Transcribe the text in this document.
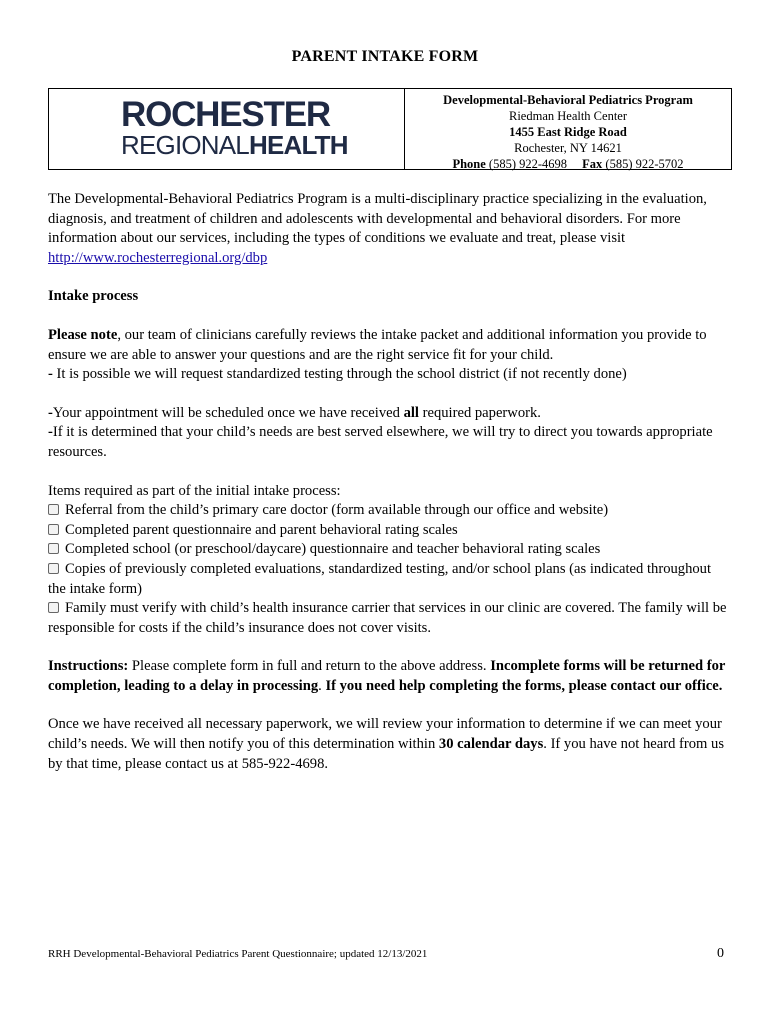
PARENT INTAKE FORM
ROCHESTER
REGIONALHEALTH
Developmental-Behavioral Pediatrics Program
Riedman Health Center
1455 East Ridge Road
Rochester, NY 14621
Phone (585) 922-4698 Fax (585) 922-5702

The Developmental-Behavioral Pediatrics Program is a multi-disciplinary practice specializing in the evaluation, diagnosis, and treatment of children and adolescents with developmental and behavioral disorders. For more information about our services, including the types of conditions we evaluate and treat, please visit http://www.rochesterregional.org/dbp

Intake process

Please note, our team of clinicians carefully reviews the intake packet and additional information you provide to ensure we are able to answer your questions and are the right service fit for your child.

- It is possible we will request standardized testing through the school district (if not recently done)

-Your appointment will be scheduled once we have received all required paperwork.

-If it is determined that your child’s needs are best served elsewhere, we will try to direct you towards appropriate resources.

Items required as part of the initial intake process:

Referral from the child’s primary care doctor (form available through our office and website)

Completed parent questionnaire and parent behavioral rating scales

Completed school (or preschool/daycare) questionnaire and teacher behavioral rating scales

Copies of previously completed evaluations, standardized testing, and/or school plans (as indicated throughout the intake form)

Family must verify with child’s health insurance carrier that services in our clinic are covered. The family will be responsible for costs if the child’s insurance does not cover visits.

Instructions: Please complete form in full and return to the above address. Incomplete forms will be returned for completion, leading to a delay in processing. If you need help completing the forms, please contact our office.

Once we have received all necessary paperwork, we will review your information to determine if we can meet your child’s needs. We will then notify you of this determination within 30 calendar days. If you have not heard from us by that time, please contact us at 585-922-4698.

RRH Developmental-Behavioral Pediatrics Parent Questionnaire; updated 12/13/2021	0
